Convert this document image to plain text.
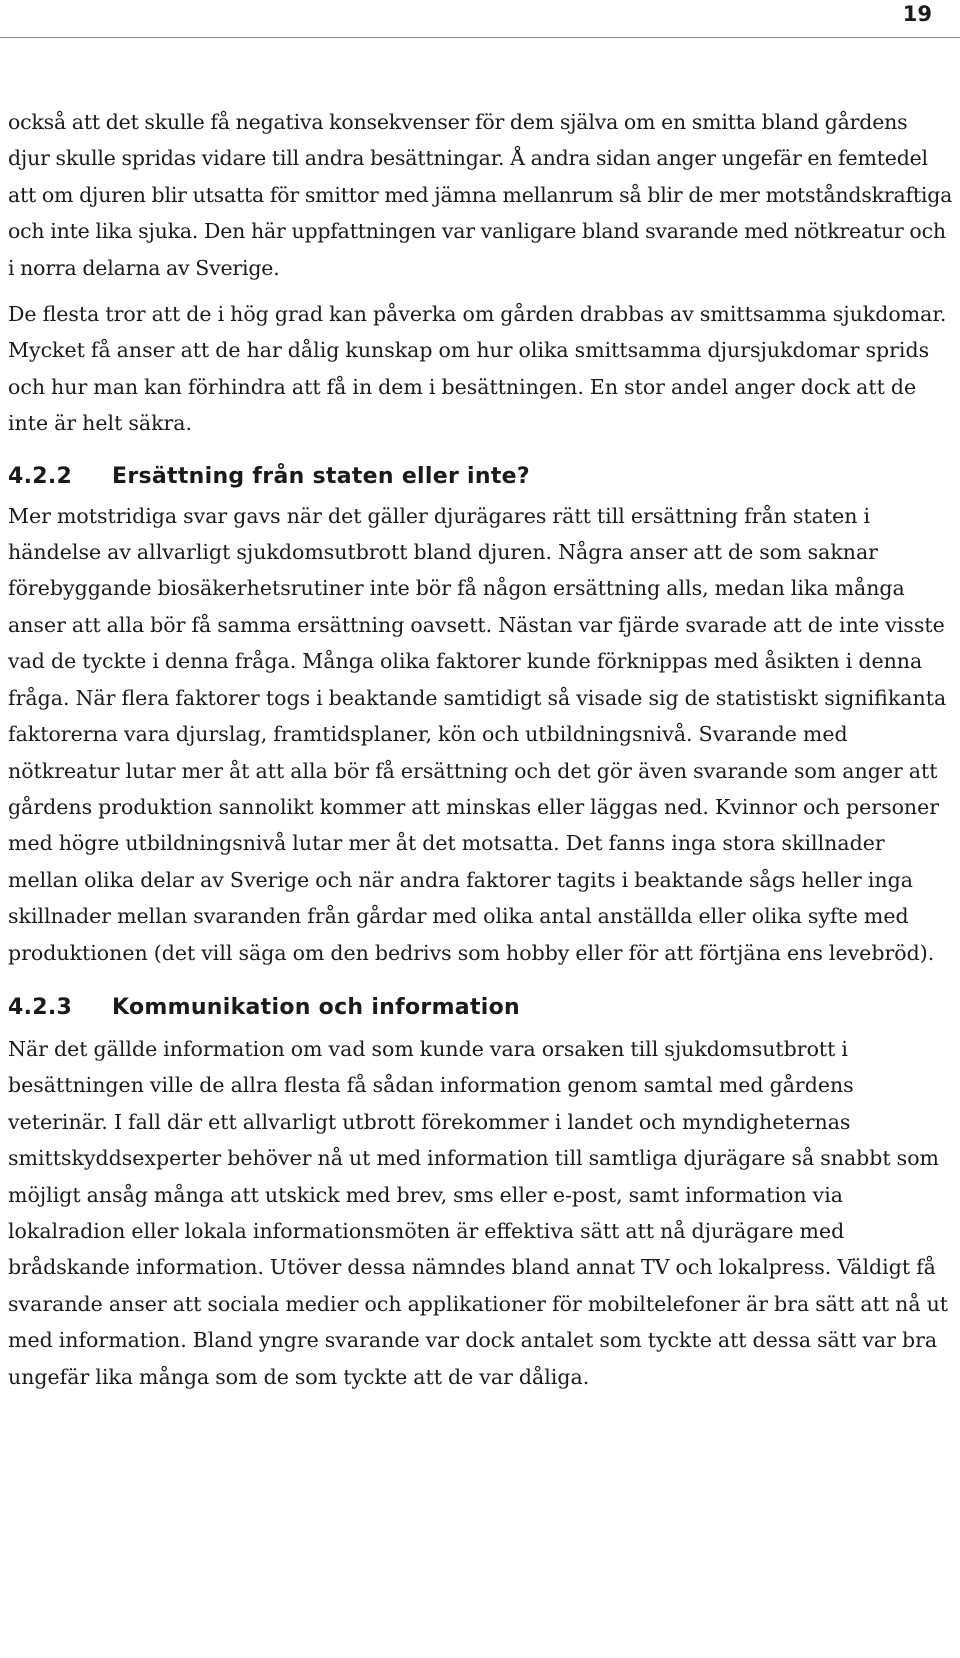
19

också att det skulle få negativa konsekvenser för dem själva om en smitta bland gårdens djur skulle spridas vidare till andra besättningar. Å andra sidan anger ungefär en femtedel att om djuren blir utsatta för smittor med jämna mellanrum så blir de mer motståndskraftiga och inte lika sjuka. Den här uppfattningen var vanligare bland svarande med nötkreatur och i norra delarna av Sverige.

De flesta tror att de i hög grad kan påverka om gården drabbas av smittsamma sjukdomar. Mycket få anser att de har dålig kunskap om hur olika smittsamma djursjukdomar sprids och hur man kan förhindra att få in dem i besättningen. En stor andel anger dock att de inte är helt säkra.

4.2.2 Ersättning från staten eller inte?

Mer motstridiga svar gavs när det gäller djurägares rätt till ersättning från staten i händelse av allvarligt sjukdomsutbrott bland djuren. Några anser att de som saknar förebyggande biosäkerhetsrutiner inte bör få någon ersättning alls, medan lika många anser att alla bör få samma ersättning oavsett. Nästan var fjärde svarade att de inte visste vad de tyckte i denna fråga. Många olika faktorer kunde förknippas med åsikten i denna fråga. När flera faktorer togs i beaktande samtidigt så visade sig de statistiskt signifikanta faktorerna vara djurslag, framtidsplaner, kön och utbildningsnivå. Svarande med nötkreatur lutar mer åt att alla bör få ersättning och det gör även svarande som anger att gårdens produktion sannolikt kommer att minskas eller läggas ned. Kvinnor och personer med högre utbildningsnivå lutar mer åt det motsatta. Det fanns inga stora skillnader mellan olika delar av Sverige och när andra faktorer tagits i beaktande sågs heller inga skillnader mellan svaranden från gårdar med olika antal anställda eller olika syfte med produktionen (det vill säga om den bedrivs som hobby eller för att förtjäna ens levebröd).

4.2.3 Kommunikation och information

När det gällde information om vad som kunde vara orsaken till sjukdomsutbrott i besättningen ville de allra flesta få sådan information genom samtal med gårdens veterinär. I fall där ett allvarligt utbrott förekommer i landet och myndigheternas smittskyddsexperter behöver nå ut med information till samtliga djurägare så snabbt som möjligt ansåg många att utskick med brev, sms eller e-post, samt information via lokalradion eller lokala informationsmöten är effektiva sätt att nå djurägare med brådskande information. Utöver dessa nämndes bland annat TV och lokalpress. Väldigt få svarande anser att sociala medier och applikationer för mobiltelefoner är bra sätt att nå ut med information. Bland yngre svarande var dock antalet som tyckte att dessa sätt var bra ungefär lika många som de som tyckte att de var dåliga.
